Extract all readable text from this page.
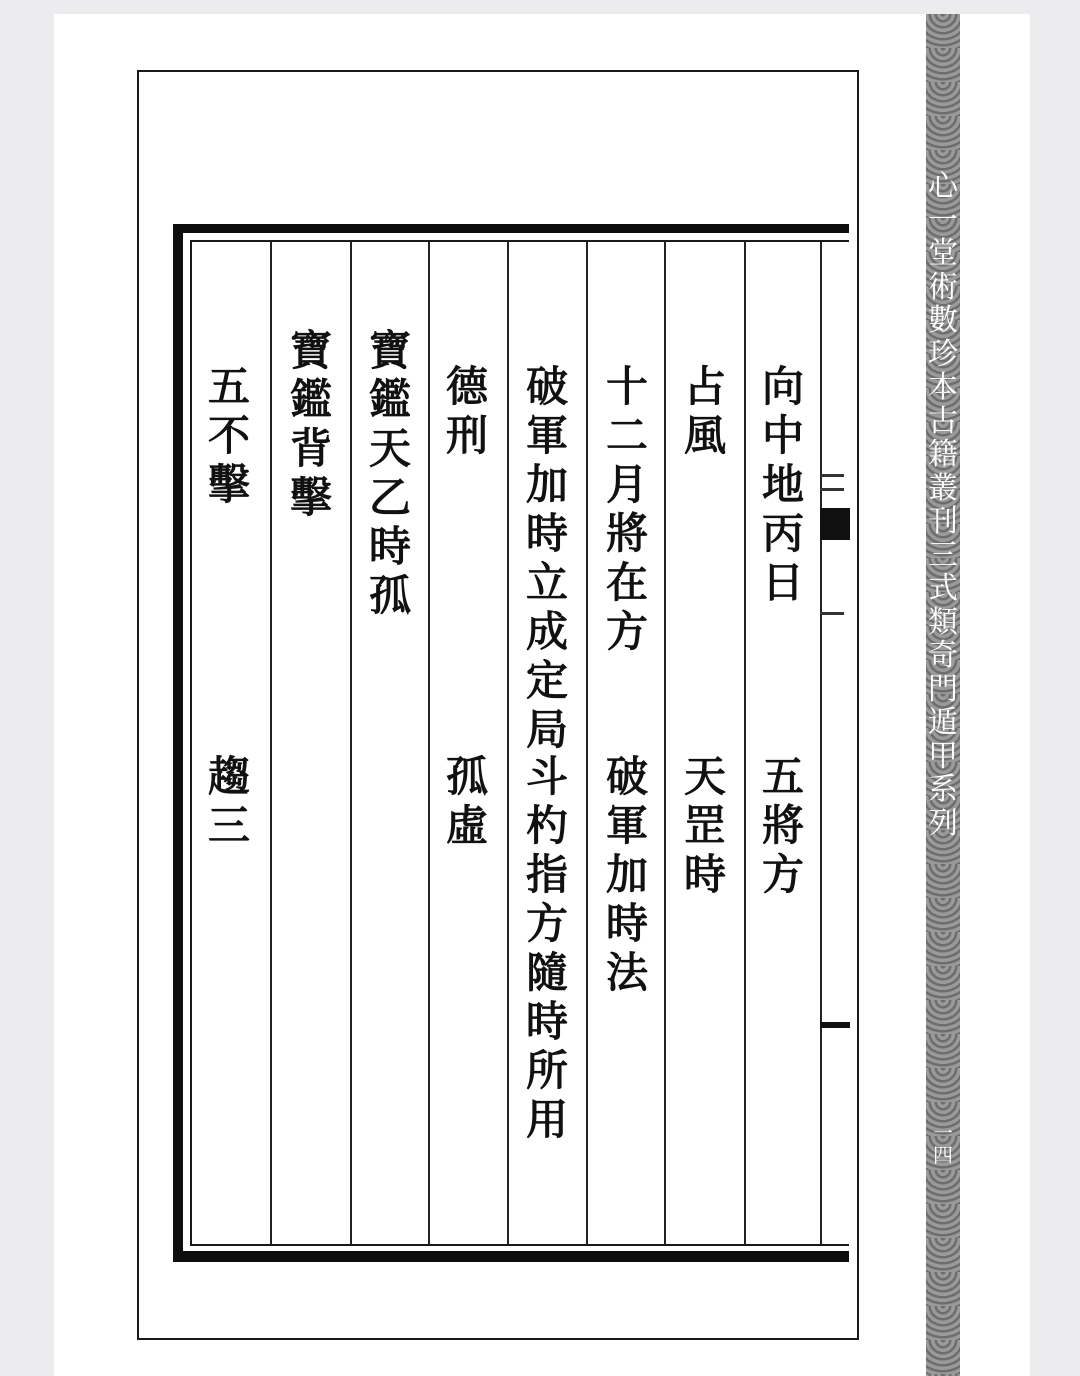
向
中
地
丙
日
占
風
十
二
月
將
在
方
破
軍
加
時
立
成
定
局
德
刑
寶
鑑
天
乙
時
孤
寶
鑑
背
擊
五
不
擊
五將方
天罡時
破軍加時法
斗杓指方隨時所用
孤虛
趨三
心
一
堂
術
數
珍
本
古
籍
叢
刊
三
式
類
奇
門
遁
甲
系
列
一四
